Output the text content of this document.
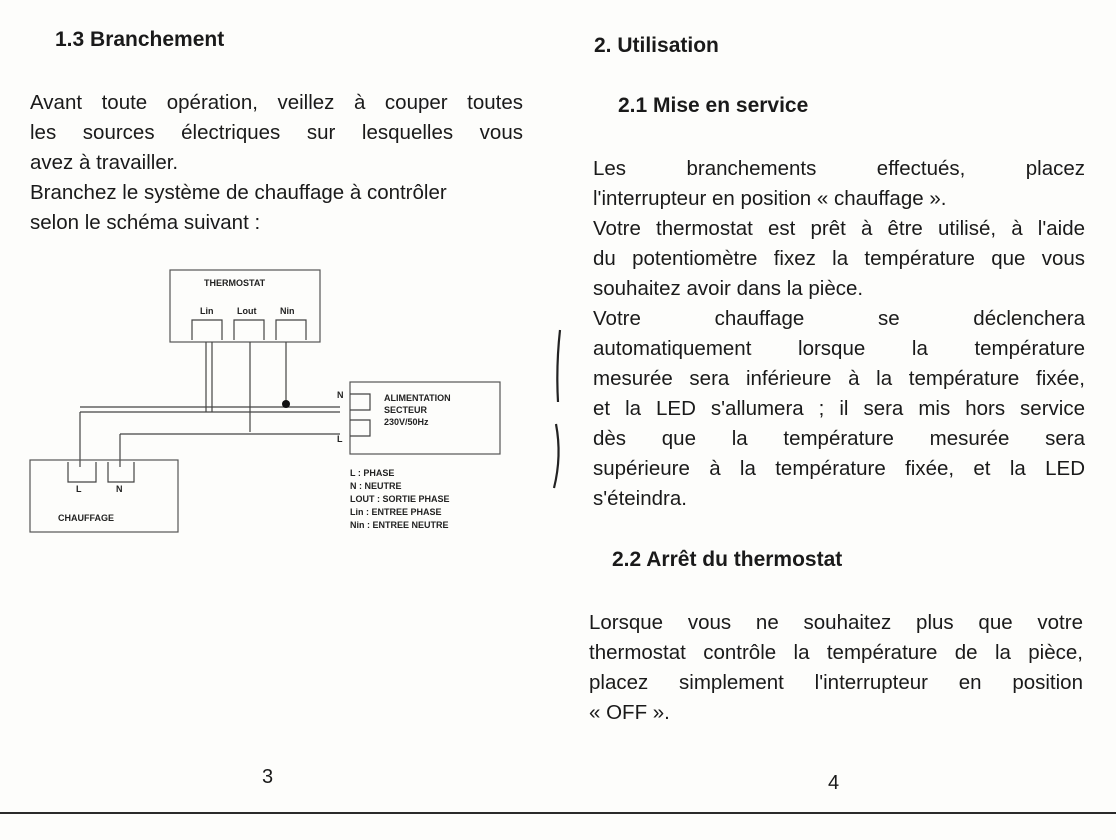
1.3 Branchement
Avant toute opération, veillez à couper toutes
les sources électriques sur lesquelles vous
avez à travailler.
Branchez le système de chauffage à contrôler
selon le schéma suivant :
THERMOSTAT
Lin	Lout	Nin
ALIMENTATION
SECTEUR
230V/50Hz
N
L
L	N
CHAUFFAGE
L : PHASE
N : NEUTRE
LOUT : SORTIE PHASE
Lin : ENTREE PHASE
Nin : ENTREE NEUTRE
3
2. Utilisation
2.1 Mise en service
Les branchements effectués, placez
l'interrupteur en position « chauffage ».
Votre thermostat est prêt à être utilisé, à l'aide
du potentiomètre fixez la température que vous
souhaitez avoir dans la pièce.
Votre chauffage se déclenchera
automatiquement lorsque la température
mesurée sera inférieure à la température fixée,
et la LED s'allumera ; il sera mis hors service
dès que la température mesurée sera
supérieure à la température fixée, et la LED
s'éteindra.
2.2 Arrêt du thermostat
Lorsque vous ne souhaitez plus que votre
thermostat contrôle la température de la pièce,
placez simplement l'interrupteur en position
« OFF ».
4
